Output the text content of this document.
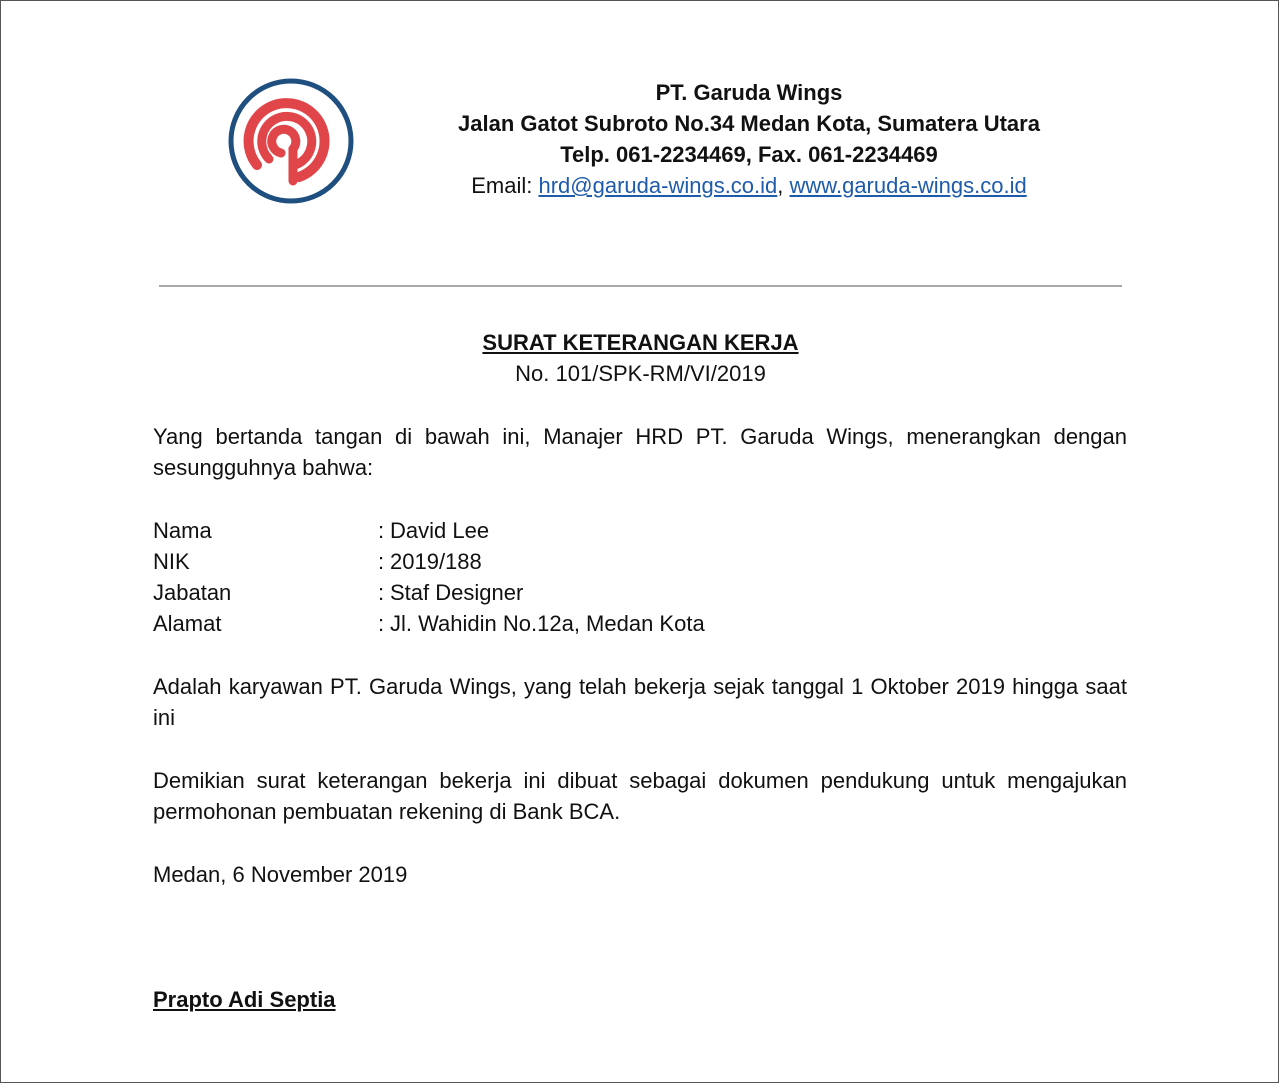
PT. Garuda Wings
Jalan Gatot Subroto No.34 Medan Kota, Sumatera Utara
Telp. 061-2234469, Fax. 061-2234469
Email: hrd@garuda-wings.co.id, www.garuda-wings.co.id
SURAT KETERANGAN KERJA
No. 101/SPK-RM/VI/2019
Yang bertanda tangan di bawah ini, Manajer HRD PT. Garuda Wings, menerangkan dengan sesungguhnya bahwa:
Nama	: David Lee
NIK	: 2019/188
Jabatan	: Staf Designer
Alamat	: Jl. Wahidin No.12a, Medan Kota
Adalah karyawan PT. Garuda Wings, yang telah bekerja sejak tanggal 1 Oktober 2019 hingga saat ini
Demikian surat keterangan bekerja ini dibuat sebagai dokumen pendukung untuk mengajukan permohonan pembuatan rekening di Bank BCA.
Medan, 6 November 2019
Prapto Adi Septia
